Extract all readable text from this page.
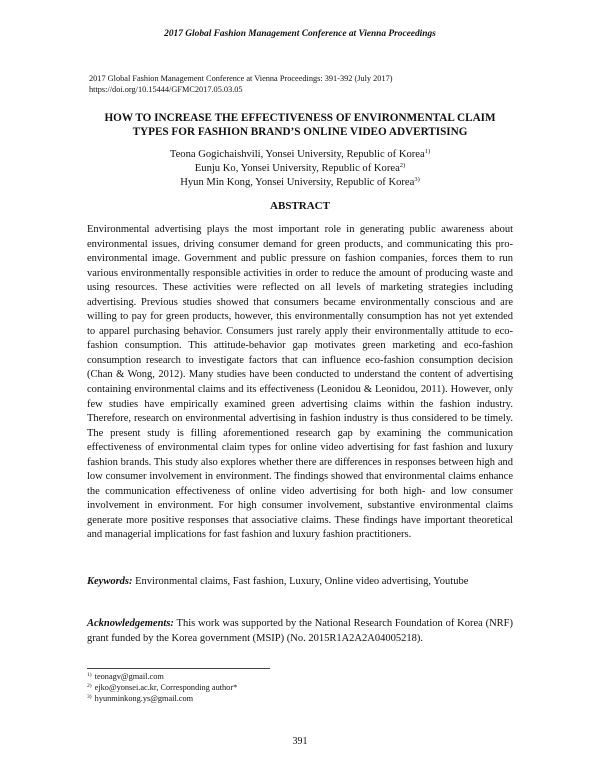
2017 Global Fashion Management Conference at Vienna Proceedings
2017 Global Fashion Management Conference at Vienna Proceedings: 391-392 (July 2017)
https://doi.org/10.15444/GFMC2017.05.03.05
HOW TO INCREASE THE EFFECTIVENESS OF ENVIRONMENTAL CLAIM
TYPES FOR FASHION BRAND’S ONLINE VIDEO ADVERTISING
Teona Gogichaishvili, Yonsei University, Republic of Korea$^{1)}$
Eunju Ko, Yonsei University, Republic of Korea$^{2)}$
Hyun Min Kong, Yonsei University, Republic of Korea$^{3)}$
ABSTRACT
Environmental advertising plays the most important role in generating public awareness about environmental issues, driving consumer demand for green products, and communicating this pro-environmental image. Government and public pressure on fashion companies, forces them to run various environmentally responsible activities in order to reduce the amount of producing waste and using resources. These activities were reflected on all levels of marketing strategies including advertising. Previous studies showed that consumers became environmentally conscious and are willing to pay for green products, however, this environmentally consumption has not yet extended to apparel purchasing behavior. Consumers just rarely apply their environmentally attitude to eco-fashion consumption. This attitude-behavior gap motivates green marketing and eco-fashion consumption research to investigate factors that can influence eco-fashion consumption decision (Chan & Wong, 2012). Many studies have been conducted to understand the content of advertising containing environmental claims and its effectiveness (Leonidou & Leonidou, 2011). However, only few studies have empirically examined green advertising claims within the fashion industry. Therefore, research on environmental advertising in fashion industry is thus considered to be timely. The present study is filling aforementioned research gap by examining the communication effectiveness of environmental claim types for online video advertising for fast fashion and luxury fashion brands. This study also explores whether there are differences in responses between high and low consumer involvement in environment. The findings showed that environmental claims enhance the communication effectiveness of online video advertising for both high- and low consumer involvement in environment. For high consumer involvement, substantive environmental claims generate more positive responses that associative claims. These findings have important theoretical and managerial implications for fast fashion and luxury fashion practitioners.
Keywords: Environmental claims, Fast fashion, Luxury, Online video advertising, Youtube
Acknowledgements: This work was supported by the National Research Foundation of Korea (NRF) grant funded by the Korea government (MSIP) (No. 2015R1A2A2A04005218).
$^{1)}$ teonagv@gmail.com
$^{2)}$ ejko@yonsei.ac.kr, Corresponding author*
$^{3)}$ hyunminkong.ys@gmail.com
391
